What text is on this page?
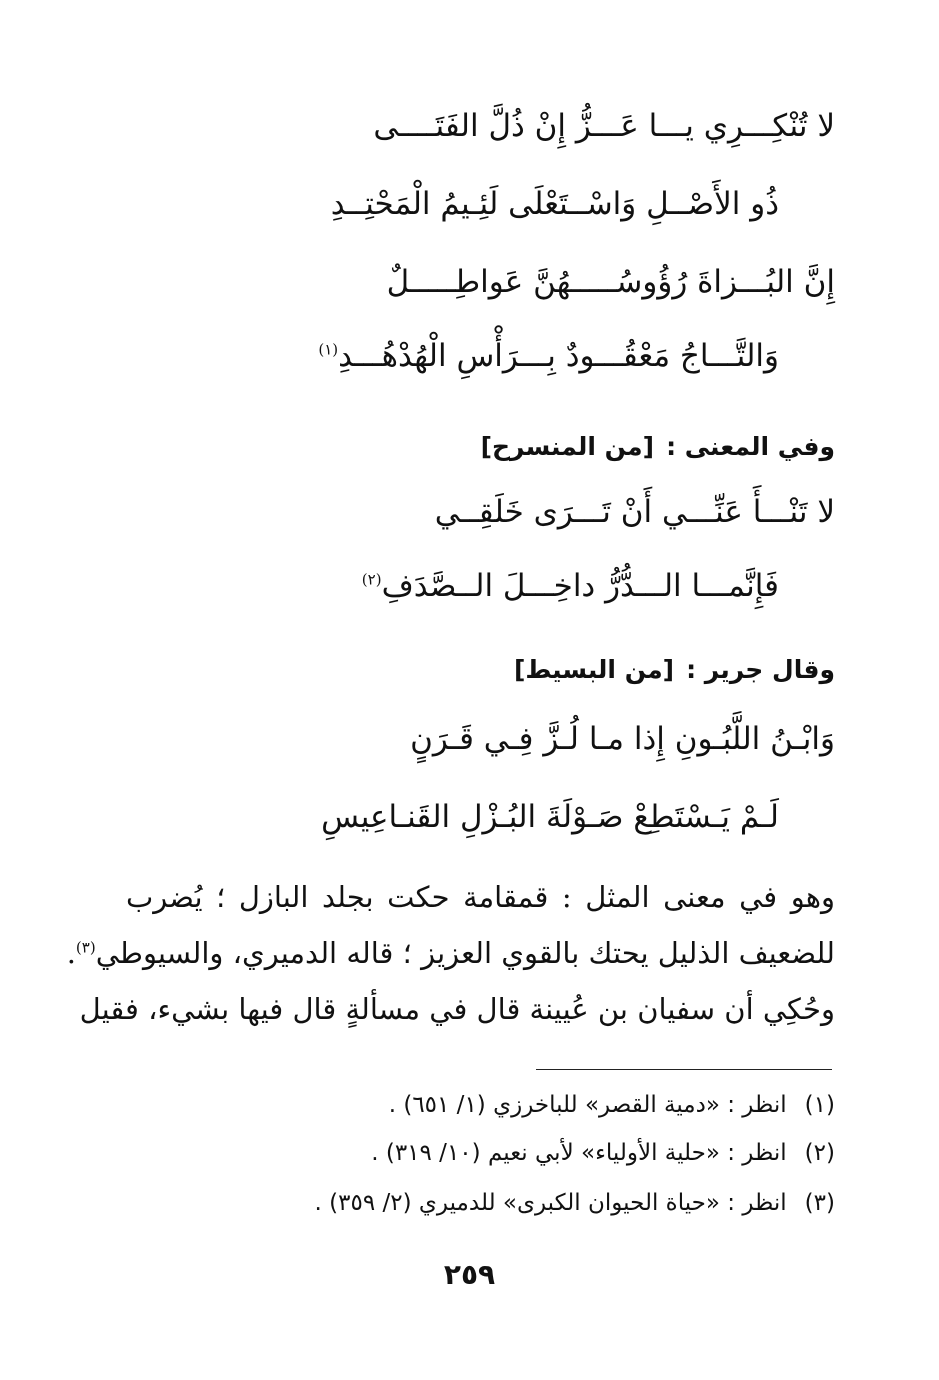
لا تُنْكِـــرِي يـــا عَـــزُّ إِنْ ذُلَّ الفَتَــــى
ذُو الأَصْــلِ وَاسْــتَعْلَى لَئِـيمُ الْمَحْتِــدِ
إِنَّ البُـــزاةَ رُؤُوسُـــــهُنَّ عَواطِـــــلٌ
وَالتَّـــاجُ مَعْقُـــودٌ بِـــرَأْسِ الْهُدْهُـــدِ$^{(١)}$
وفي المعنى :[من المنسرح]
لا تَنْـــأَ عَنِّـــي أَنْ تَـــرَى خَلَقِــي
فَإِنَّمـــا الـــدُّرُّ داخِـــلَ الــصَّدَفِ$^{(٢)}$
وقال جرير :[من البسيط]
وَابْـنُ اللَّبُـونِ إِذا مـا لُـزَّ فِـي قَـرَنٍ
لَـمْ يَـسْتَطِعْ صَـوْلَةَ البُـزْلِ القَنـاعِيسِ
وهو في معنى المثل : قمقامة حكت بجلد البازل ؛ يُضرب
للضعيف الذليل يحتك بالقوي العزيز ؛ قاله الدميري، والسيوطي$^{(٣)}$.
وحُكِي أن سفيان بن عُيينة قال في مسألةٍ قال فيها بشيء، فقيل
(١)انظر : «دمية القصر» للباخرزي (١/ ٦٥١) .
(٢)انظر : «حلية الأولياء» لأبي نعيم (١٠/ ٣١٩) .
(٣)انظر : «حياة الحيوان الكبرى» للدميري (٢/ ٣٥٩) .
٢٥٩
